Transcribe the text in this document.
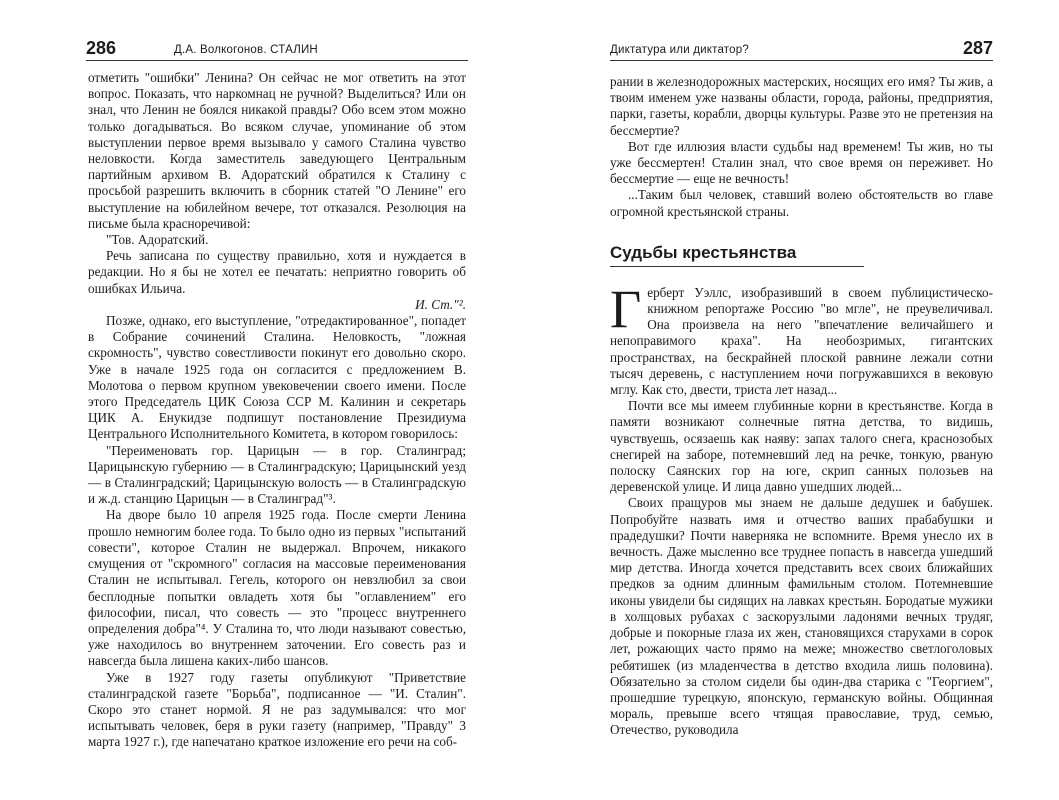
286	Д.А. Волкогонов. СТАЛИН

отметить "ошибки" Ленина? Он сейчас не мог ответить на этот вопрос. Показать, что наркомнац не ручной? Выделиться? Или он знал, что Ленин не боялся никакой правды? Обо всем этом можно только догадываться. Во всяком случае, упоминание об этом выступлении первое время вызывало у самого Сталина чувство неловкости. Когда заместитель заведующего Центральным партийным архивом В. Адоратский обратился к Сталину с просьбой разрешить включить в сборник статей "О Ленине" его выступление на юбилейном вечере, тот отказался. Резолюция на письме была красноречивой:

"Тов. Адоратский.

Речь записана по существу правильно, хотя и нуждается в редакции. Но я бы не хотел ее печатать: неприятно говорить об ошибках Ильича.

И. Ст."².

Позже, однако, его выступление, "отредактированное", попадет в Собрание сочинений Сталина. Неловкость, "ложная скромность", чувство совестливости покинут его довольно скоро. Уже в начале 1925 года он согласится с предложением В. Молотова о первом крупном увековечении своего имени. После этого Председатель ЦИК Союза ССР М. Калинин и секретарь ЦИК А. Енукидзе подпишут постановление Президиума Центрального Исполнительного Комитета, в котором говорилось:

"Переименовать гор. Царицын — в гор. Сталинград; Царицынскую губернию — в Сталинградскую; Царицынский уезд — в Сталинградский; Царицынскую волость — в Сталинградскую и ж.д. станцию Царицын — в Сталинград"³.

На дворе было 10 апреля 1925 года. После смерти Ленина прошло немногим более года. То было одно из первых "испытаний совести", которое Сталин не выдержал. Впрочем, никакого смущения от "скромного" согласия на массовые переименования Сталин не испытывал. Гегель, которого он невзлюбил за свои бесплодные попытки овладеть хотя бы "оглавлением" его философии, писал, что совесть — это "процесс внутреннего определения добра"⁴. У Сталина то, что люди называют совестью, уже находилось во внутреннем заточении. Его совесть раз и навсегда была лишена каких-либо шансов.

Уже в 1927 году газеты опубликуют "Приветствие сталинградской газете "Борьба", подписанное — "И. Сталин". Скоро это станет нормой. Я не раз задумывался: что мог испытывать человек, беря в руки газету (например, "Правду" 3 марта 1927 г.), где напечатано краткое изложение его речи на соб-

Диктатура или диктатор?	287

рании в железнодорожных мастерских, носящих его имя? Ты жив, а твоим именем уже названы области, города, районы, предприятия, парки, газеты, корабли, дворцы культуры. Разве это не претензия на бессмертие?

Вот где иллюзия власти судьбы над временем! Ты жив, но ты уже бессмертен! Сталин знал, что свое время он переживет. Но бессмертие — еще не вечность!

...Таким был человек, ставший волею обстоятельств во главе огромной крестьянской страны.

Судьбы крестьянства

Герберт Уэллс, изобразивший в своем публицистическо-книжном репортаже Россию "во мгле", не преувеличивал. Она произвела на него "впечатление величайшего и непоправимого краха". На необозримых, гигантских пространствах, на бескрайней плоской равнине лежали сотни тысяч деревень, с наступлением ночи погружавшихся в вековую мглу. Как сто, двести, триста лет назад...

Почти все мы имеем глубинные корни в крестьянстве. Когда в памяти возникают солнечные пятна детства, то видишь, чувствуешь, осязаешь как наяву: запах талого снега, краснозобых снегирей на заборе, потемневший лед на речке, тонкую, рваную полоску Саянских гор на юге, скрип санных полозьев на деревенской улице. И лица давно ушедших людей...

Своих пращуров мы знаем не дальше дедушек и бабушек. Попробуйте назвать имя и отчество ваших прабабушки и прадедушки? Почти наверняка не вспомните. Время унесло их в вечность. Даже мысленно все труднее попасть в навсегда ушедший мир детства. Иногда хочется представить всех своих ближайших предков за одним длинным фамильным столом. Потемневшие иконы увидели бы сидящих на лавках крестьян. Бородатые мужики в холщовых рубахах с заскорузлыми ладонями вечных трудяг, добрые и покорные глаза их жен, становящихся старухами в сорок лет, рожающих часто прямо на меже; множество светлоголовых ребятишек (из младенчества в детство входила лишь половина). Обязательно за столом сидели бы один-два старика с "Георгием", прошедшие турецкую, японскую, германскую войны. Общинная мораль, превыше всего чтящая православие, труд, семью, Отечество, руководила
